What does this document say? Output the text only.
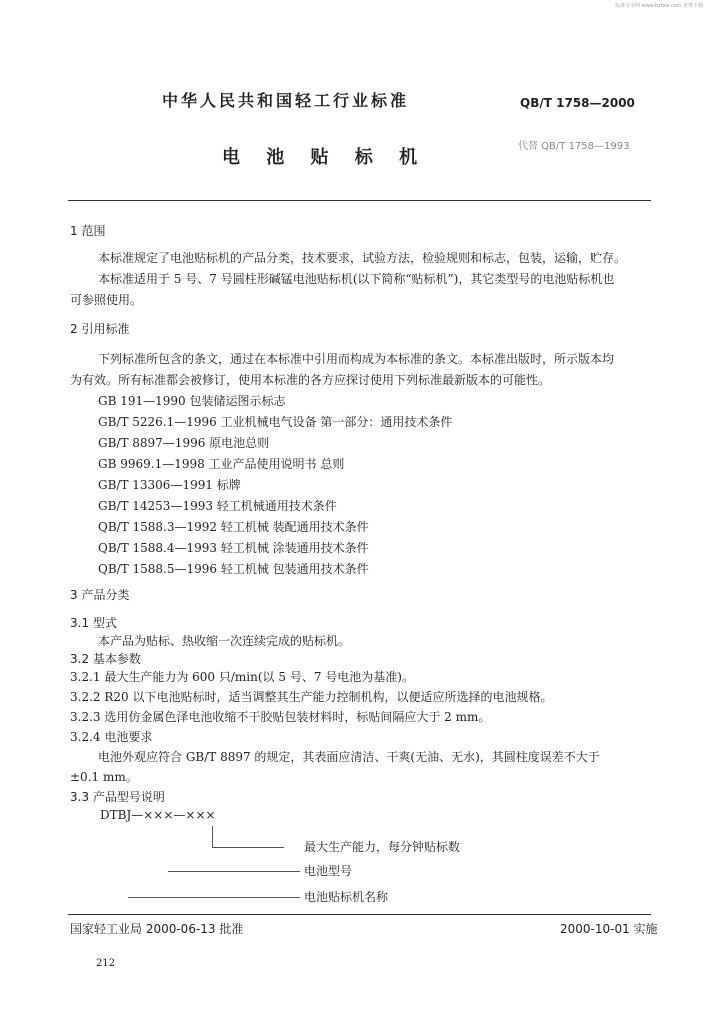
标准分享网 www.bzfxw.com 免费下载
中华人民共和国轻工行业标准	QB/T 1758—2000
电 池 贴 标 机
代替 QB/T 1758—1993
1 范围
本标准规定了电池贴标机的产品分类，技术要求，试验方法，检验规则和标志，包装，运输，贮存。
本标准适用于 5 号、7 号圆柱形碱锰电池贴标机(以下简称“贴标机”)，其它类型号的电池贴标机也
可参照使用。
2 引用标准
下列标准所包含的条文，通过在本标准中引用而构成为本标准的条文。本标准出版时，所示版本均
为有效。所有标准都会被修订，使用本标准的各方应探讨使用下列标准最新版本的可能性。
GB 191—1990 包装储运图示标志
GB/T 5226.1—1996 工业机械电气设备 第一部分：通用技术条件
GB/T 8897—1996 原电池总则
GB 9969.1—1998 工业产品使用说明书 总则
GB/T 13306—1991 标牌
GB/T 14253—1993 轻工机械通用技术条件
QB/T 1588.3—1992 轻工机械 装配通用技术条件
QB/T 1588.4—1993 轻工机械 涂装通用技术条件
QB/T 1588.5—1996 轻工机械 包装通用技术条件
3 产品分类
3.1 型式
本产品为贴标、热收缩一次连续完成的贴标机。
3.2 基本参数
3.2.1 最大生产能力为 600 只/min(以 5 号、7 号电池为基准)。
3.2.2 R20 以下电池贴标时，适当调整其生产能力控制机构，以便适应所选择的电池规格。
3.2.3 选用仿金属色泽电池收缩不干胶贴包装材料时，标贴间隔应大于 2 mm。
3.2.4 电池要求
电池外观应符合 GB/T 8897 的规定，其表面应清洁、干爽(无油、无水)，其圆柱度误差不大于
±0.1 mm。
3.3 产品型号说明
DTBJ—×××—×××
最大生产能力，每分钟贴标数
电池型号
电池贴标机名称
国家轻工业局 2000-06-13 批准	2000-10-01 实施
212
